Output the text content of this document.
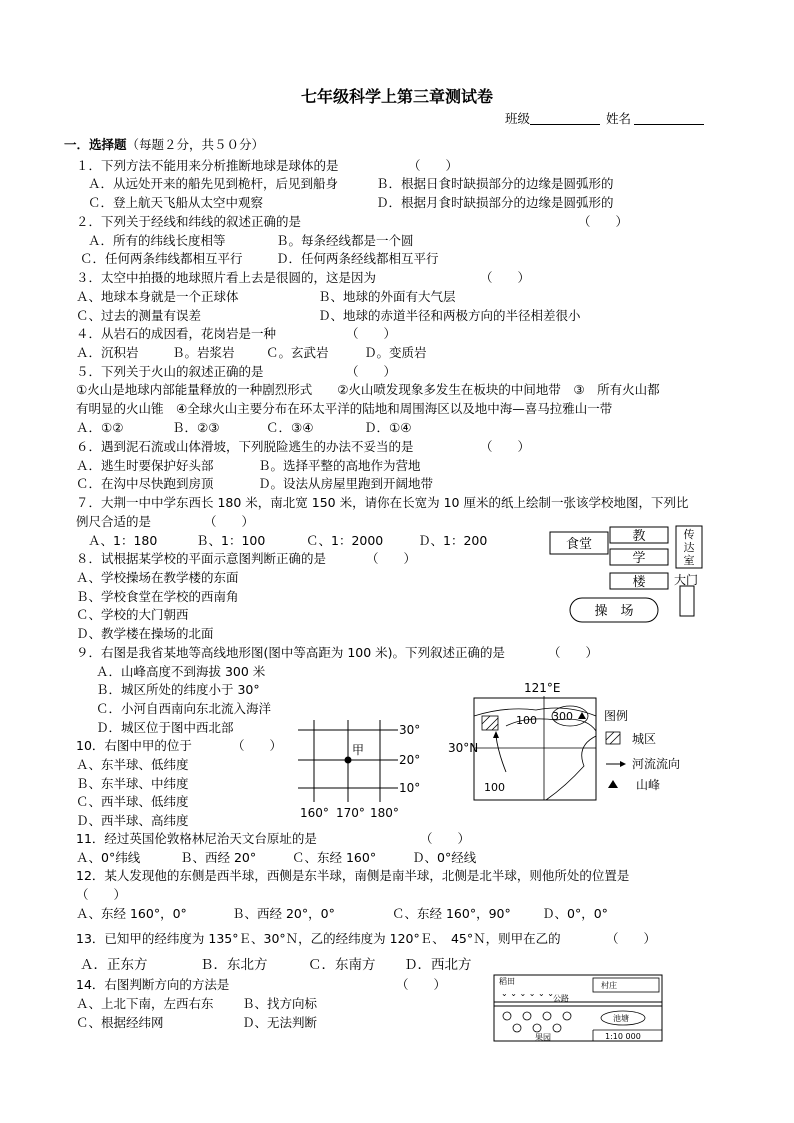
七年级科学上第三章测试卷
班级	姓名
一．选择题（每题２分，共５０分）
１．下列方法不能用来分析推断地球是球体的是	（　　）
Ａ．从远处开来的船先见到桅杆，后见到船身	Ｂ．根据日食时缺损部分的边缘是圆弧形的
Ｃ．登上航天飞船从太空中观察	Ｄ．根据月食时缺损部分的边缘是圆弧形的
２．下列关于经线和纬线的叙述正确的是	（　　）
Ａ．所有的纬线长度相等	Ｂ。每条经线都是一个圆
Ｃ．任何两条纬线都相互平行	Ｄ．任何两条经线都相互平行
３．太空中拍摄的地球照片看上去是很圆的，这是因为	（　　）
Ａ、地球本身就是一个正球体	Ｂ、地球的外面有大气层
Ｃ、过去的测量有误差	Ｄ、地球的赤道半径和两极方向的半径相差很小
４．从岩石的成因看，花岗岩是一种	（　　）
Ａ．沉积岩	Ｂ。岩浆岩	Ｃ。玄武岩	Ｄ。变质岩
５．下列关于火山的叙述正确的是	（　　）
①火山是地球内部能量释放的一种剧烈形式　　②火山喷发现象多发生在板块的中间地带　③　所有火山都
有明显的火山锥　④全球火山主要分布在环太平洋的陆地和周围海区以及地中海—喜马拉雅山一带
Ａ．①②	Ｂ．②③	Ｃ．③④	Ｄ．①④
６．遇到泥石流或山体滑坡，下列脱险逃生的办法不妥当的是	（　　）
Ａ．逃生时要保护好头部	Ｂ。选择平整的高地作为营地
Ｃ．在沟中尽快跑到房顶	Ｄ。设法从房屋里跑到开阔地带
７．大荆一中中学东西长 180 米，南北宽 150 米，请你在长宽为 10 厘米的纸上绘制一张该学校地图，下列比
例尺合适的是	（　　）
Ａ、1：180	Ｂ、1：100	Ｃ、1：2000	Ｄ、1：200
８．试根据某学校的平面示意图判断正确的是	（　　）
Ａ、学校操场在教学楼的东面
Ｂ、学校食堂在学校的西南角
Ｃ、学校的大门朝西
Ｄ、教学楼在操场的北面
９．右图是我省某地等高线地形图(图中等高距为 100 米)。下列叙述正确的是	（　　）
Ａ．山峰高度不到海拔 300 米
Ｂ．城区所处的纬度小于 30°
Ｃ．小河自西南向东北流入海洋
Ｄ．城区位于图中西北部
10．右图中甲的位于	（　　）
Ａ、东半球、低纬度
Ｂ、东半球、中纬度
Ｃ、西半球、低纬度
Ｄ、西半球、高纬度
11．经过英国伦敦格林尼治天文台原址的是	（　　）
Ａ、0°纬线	Ｂ、西经 20°	Ｃ、东经 160°	Ｄ、0°经线
12．某人发现他的东侧是西半球，西侧是东半球，南侧是南半球，北侧是北半球，则他所处的位置是
（　　）
Ａ、东经 160°，0°	Ｂ、西经 20°，0°	Ｃ、东经 160°，90°	Ｄ、0°，0°
13．已知甲的经纬度为 135°Ｅ、30°Ｎ，乙的经纬度为 120°Ｅ、　45°Ｎ，则甲在乙的	（　　）
Ａ．正东方	Ｂ．东北方	Ｃ．东南方 Ｄ．西北方
14．右图判断方向的方法是	（　　）
Ａ、上北下南，左西右东 Ｂ、找方向标
Ｃ、根据经纬网	Ｄ、无法判断
食堂
教
学
楼
传
达
室
大门
操　场
121°E
30°N
100 300
100
图例
城区
河流流向
山峰
甲
30°
20°
10°
160° 170° 180°
稻田
⌄ ⌄ ⌄ ⌄ ⌄ ⌄
村庄
公路
池塘
果园	1:10 000
